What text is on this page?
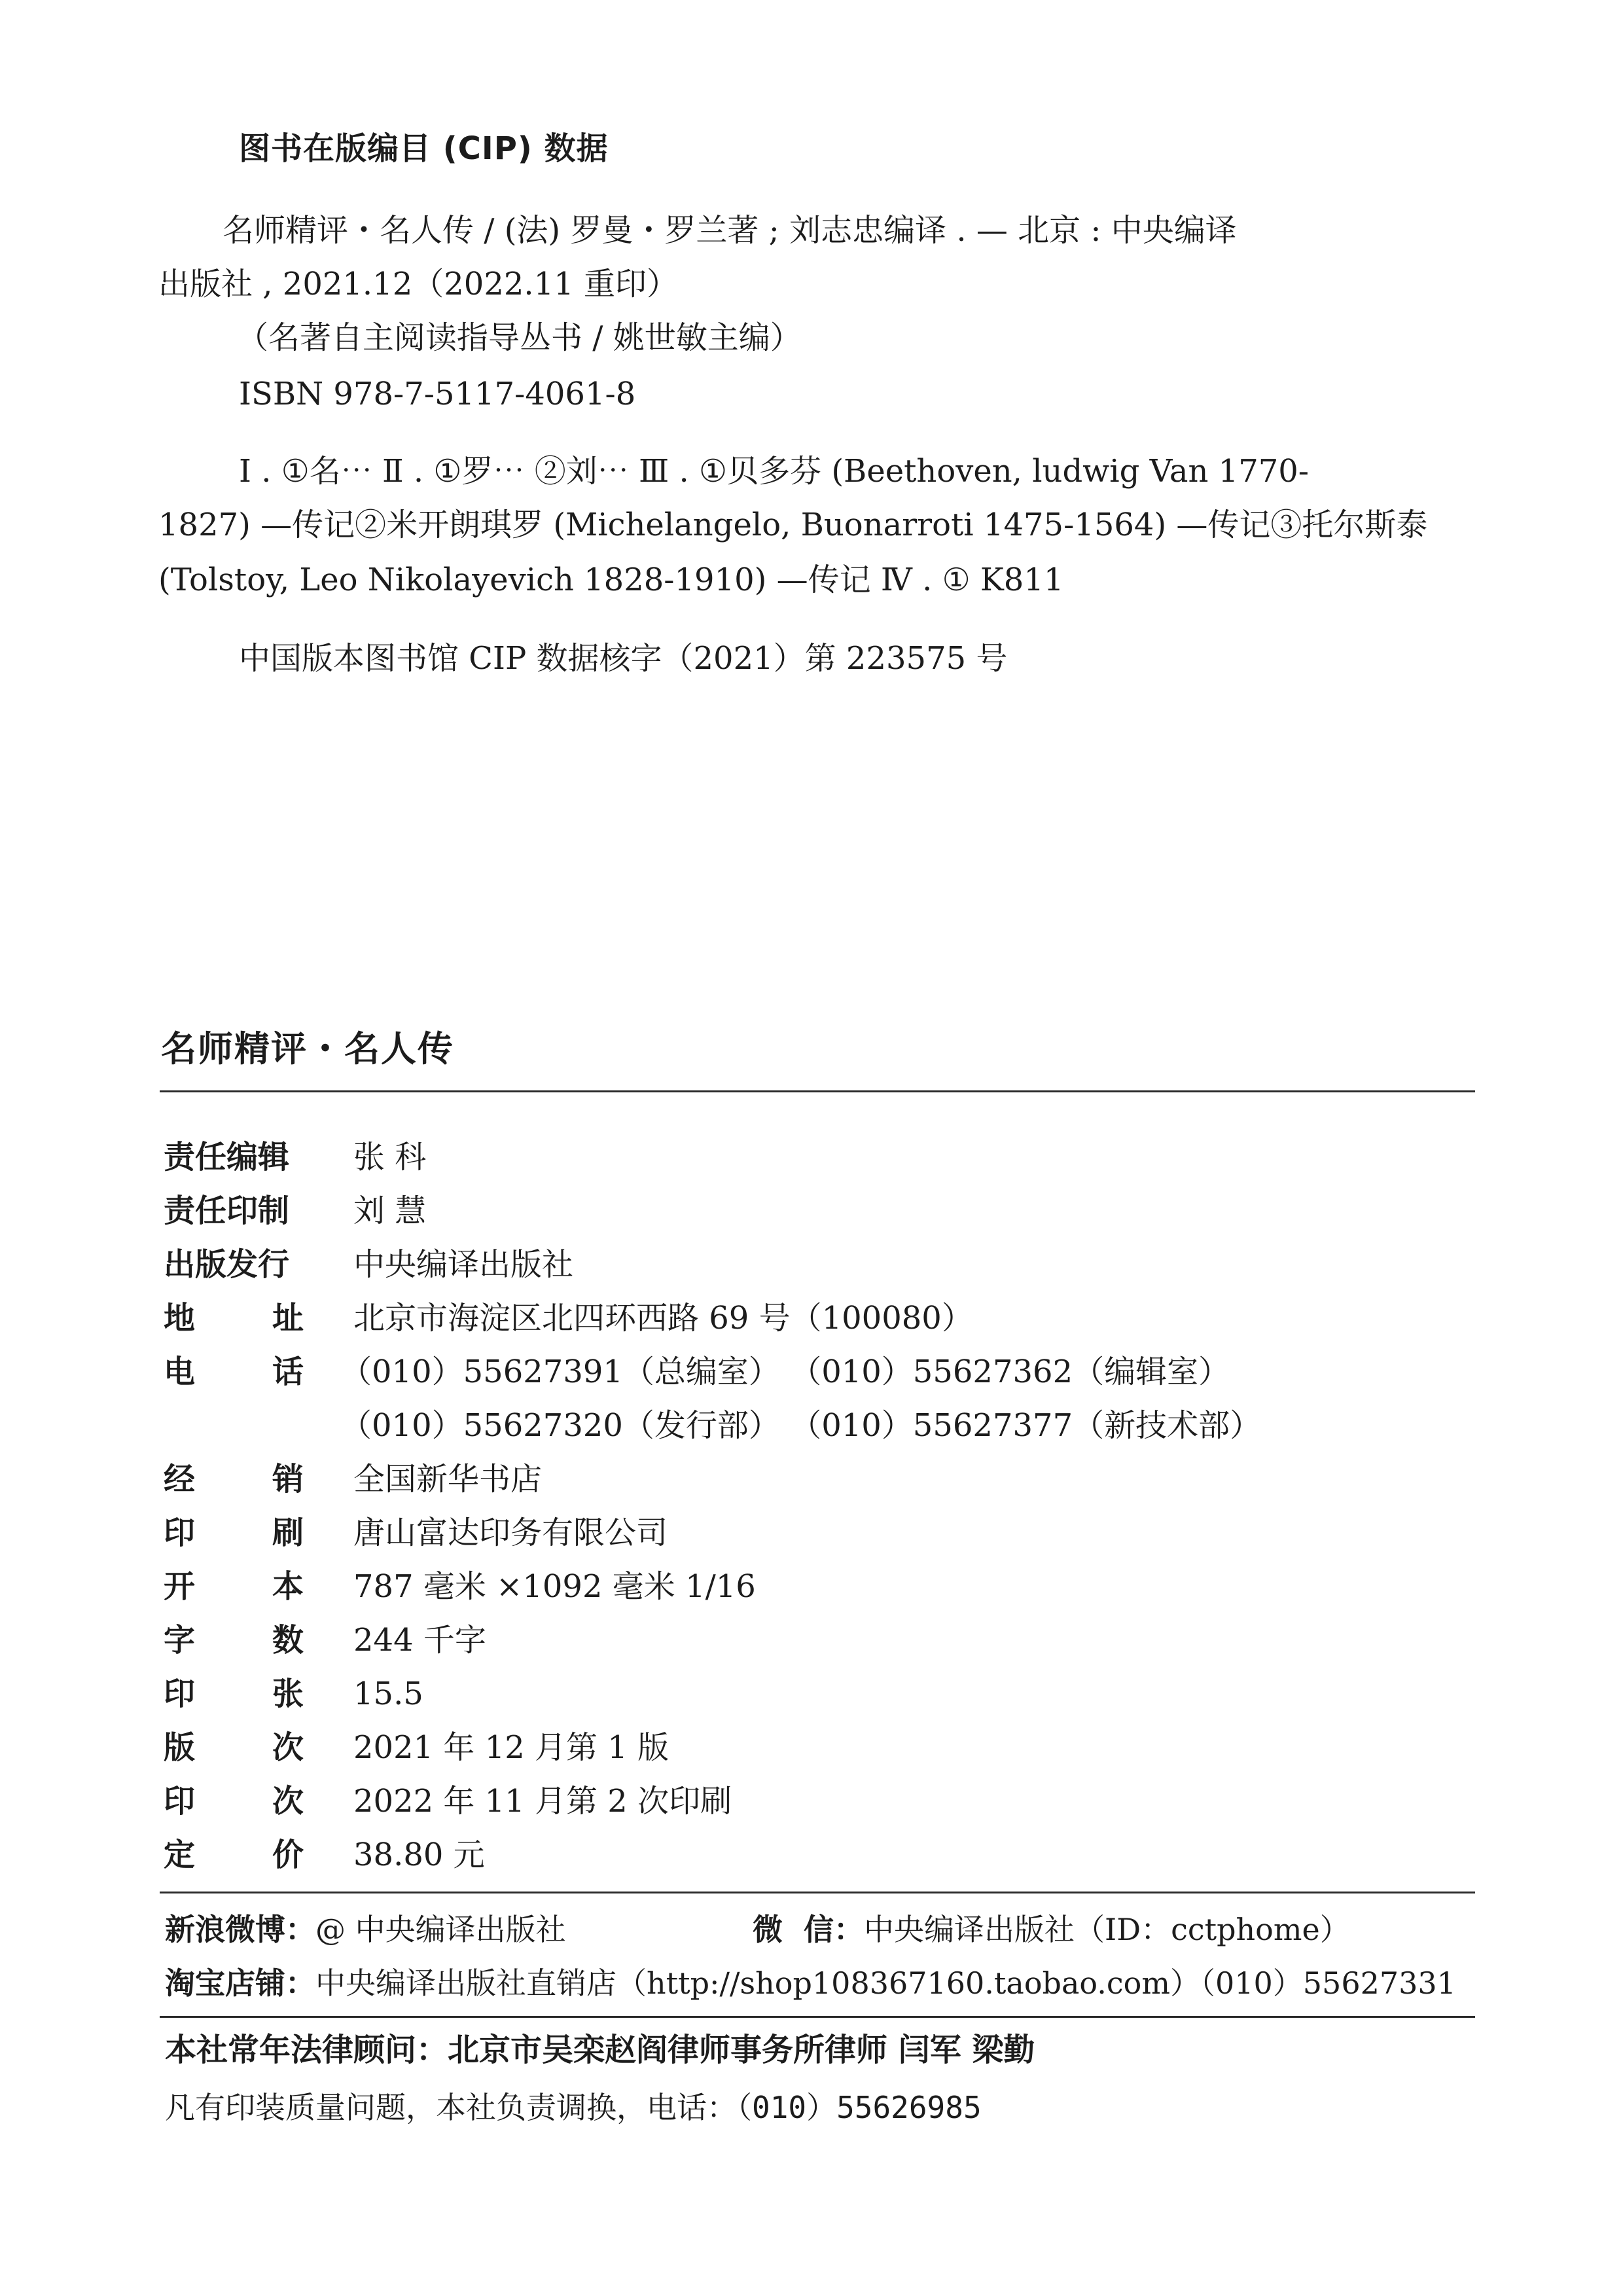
图书在版编目 (CIP) 数据
名师精评・名人传 / (法) 罗曼・罗兰著 ; 刘志忠编译 . — 北京 : 中央编译
出版社 , 2021.12（2022.11 重印）
（名著自主阅读指导丛书 / 姚世敏主编）
ISBN 978-7-5117-4061-8
Ⅰ . ①名⋯ Ⅱ . ①罗⋯ ②刘⋯ Ⅲ . ①贝多芬 (Beethoven, ludwig Van 1770-
1827) —传记②米开朗琪罗 (Michelangelo, Buonarroti 1475-1564) —传记③托尔斯泰
(Tolstoy, Leo Nikolayevich 1828-1910) —传记 Ⅳ . ① K811
中国版本图书馆 CIP 数据核字（2021）第 223575 号
名师精评・名人传
责任编辑	张 科
责任印制	刘 慧
出版发行	中央编译出版社
地 址 北京市海淀区北四环西路 69 号（100080）
电 话 （010）55627391（总编室） （010）55627362（编辑室）
（010）55627320（发行部） （010）55627377（新技术部）
经 销 全国新华书店
印 刷 唐山富达印务有限公司
开 本 787 毫米 ×1092 毫米 1/16
字 数 244 千字
印 张 15.5
版 次 2021 年 12 月第 1 版
印 次 2022 年 11 月第 2 次印刷
定 价 38.80 元
新浪微博：@ 中央编译出版社	微  信：中央编译出版社（ID：cctphome）
淘宝店铺：中央编译出版社直销店（http://shop108367160.taobao.com）（010）55627331
本社常年法律顾问：北京市吴栾赵阎律师事务所律师 闫军 梁勤
凡有印装质量问题，本社负责调换，电话：（010）55626985
